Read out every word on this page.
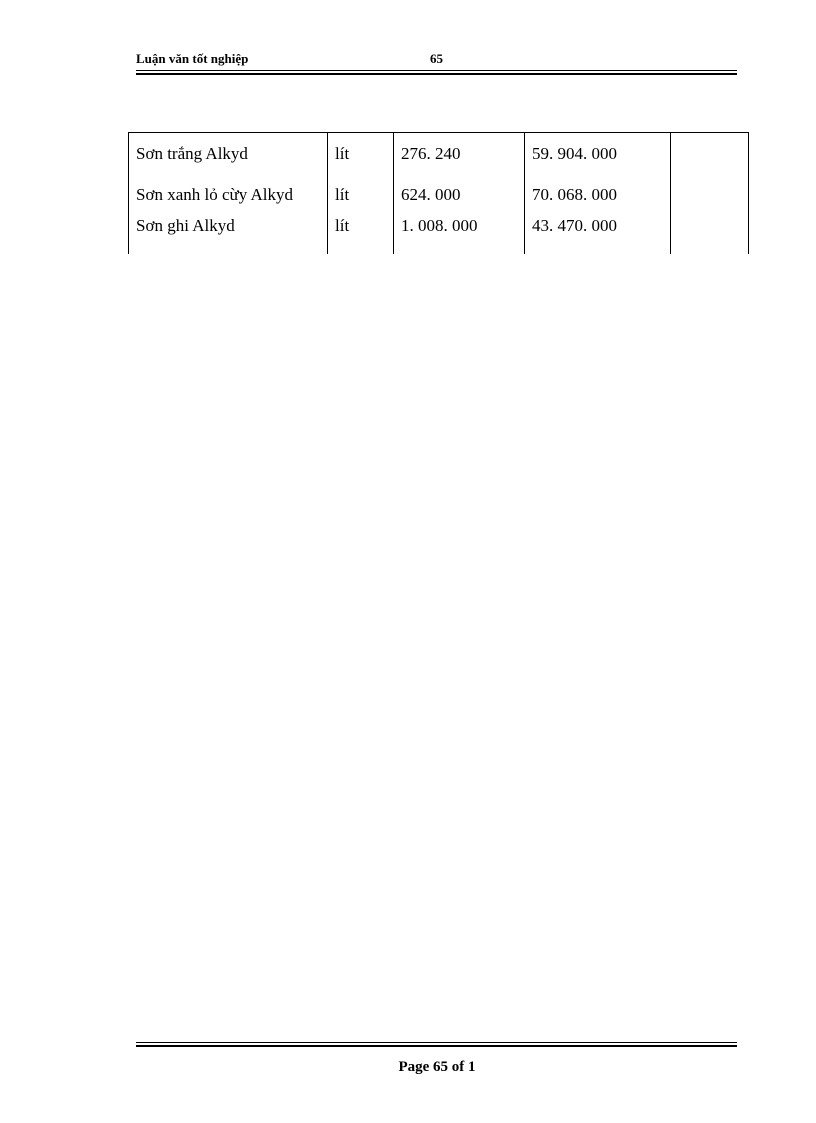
Luận văn tốt nghiệp	65
Sơn trắng Alkyd	lít	276. 240	59. 904. 000	
Sơn xanh lỏ cừy Alkyd	lít	624. 000	70. 068. 000	
Sơn ghi Alkyd	lít	1. 008. 000	43. 470. 000	
Page 65 of 1
